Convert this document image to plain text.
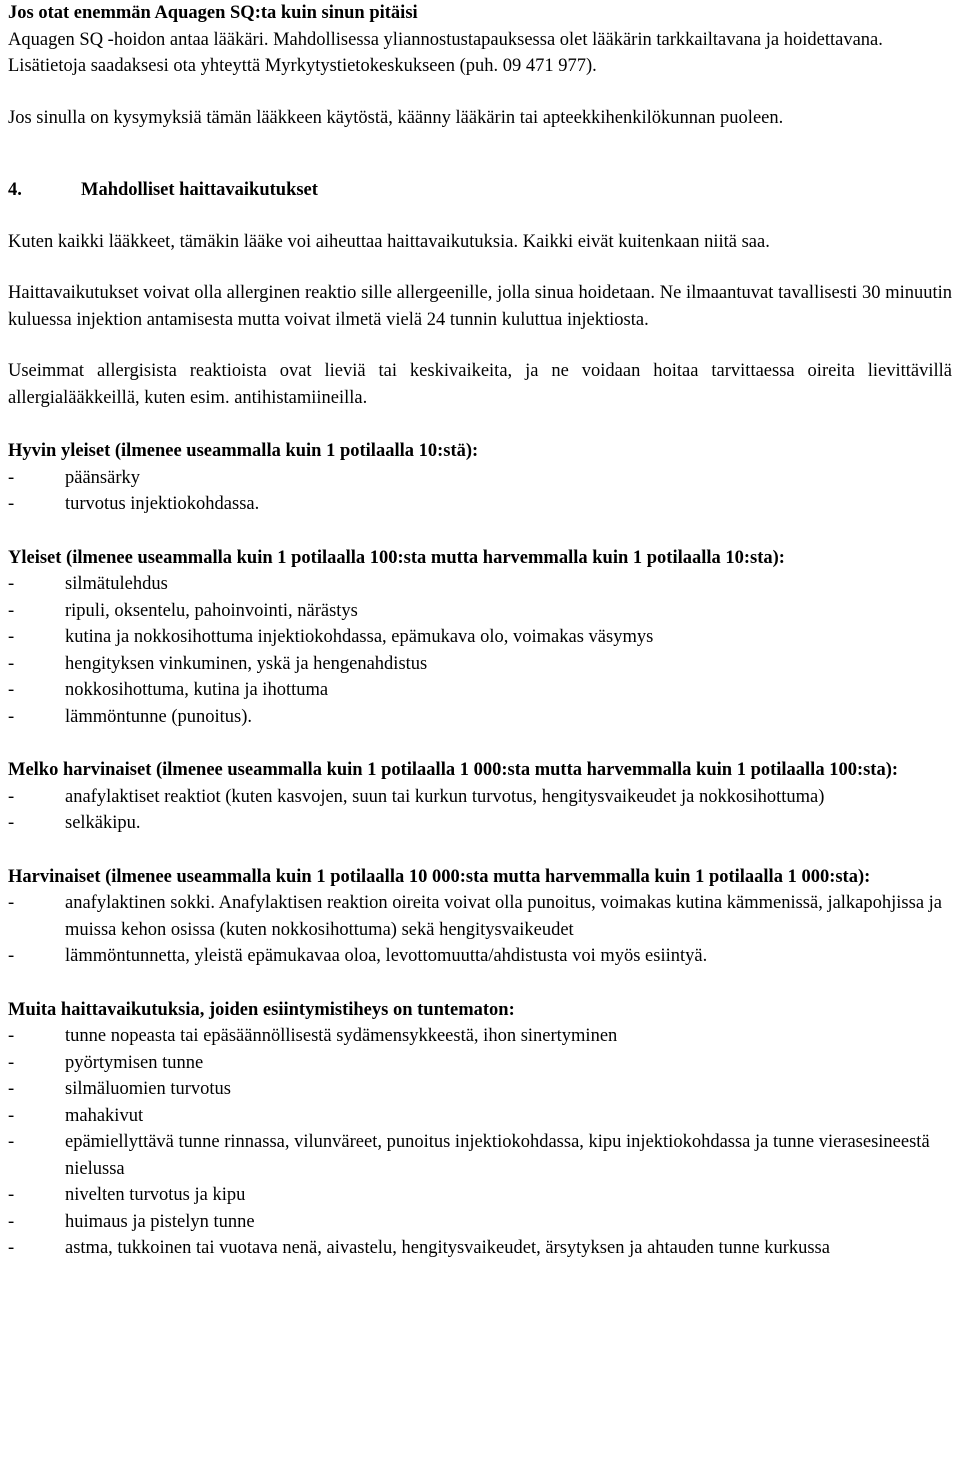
Jos otat enemmän Aquagen SQ:ta kuin sinun pitäisi

Aquagen SQ -hoidon antaa lääkäri. Mahdollisessa yliannostustapauksessa olet lääkärin tarkkailtavana ja hoidettavana. Lisätietoja saadaksesi ota yhteyttä Myrkytystietokeskukseen (puh. 09 471 977).

Jos sinulla on kysymyksiä tämän lääkkeen käytöstä, käänny lääkärin tai apteekkihenkilökunnan puoleen.

4.	Mahdolliset haittavaikutukset

Kuten kaikki lääkkeet, tämäkin lääke voi aiheuttaa haittavaikutuksia. Kaikki eivät kuitenkaan niitä saa.

Haittavaikutukset voivat olla allerginen reaktio sille allergeenille, jolla sinua hoidetaan. Ne ilmaantuvat tavallisesti 30 minuutin kuluessa injektion antamisesta mutta voivat ilmetä vielä 24 tunnin kuluttua injektiosta.

Useimmat allergisista reaktioista ovat lieviä tai keskivaikeita, ja ne voidaan hoitaa tarvittaessa oireita lievittävillä allergialääkkeillä, kuten esim. antihistamiineilla.

Hyvin yleiset (ilmenee useammalla kuin 1 potilaalla 10:stä):

-	päänsärky
-	turvotus injektiokohdassa.

Yleiset (ilmenee useammalla kuin 1 potilaalla 100:sta mutta harvemmalla kuin 1 potilaalla 10:sta):

-	silmätulehdus
-	ripuli, oksentelu, pahoinvointi, närästys
-	kutina ja nokkosihottuma injektiokohdassa, epämukava olo, voimakas väsymys
-	hengityksen vinkuminen, yskä ja hengenahdistus
-	nokkosihottuma, kutina ja ihottuma
-	lämmöntunne (punoitus).

Melko harvinaiset (ilmenee useammalla kuin 1 potilaalla 1 000:sta mutta harvemmalla kuin 1 potilaalla 100:sta):

-	anafylaktiset reaktiot (kuten kasvojen, suun tai kurkun turvotus, hengitysvaikeudet ja nokkosihottuma)
-	selkäkipu.

Harvinaiset (ilmenee useammalla kuin 1 potilaalla 10 000:sta mutta harvemmalla kuin 1 potilaalla 1 000:sta):

-	anafylaktinen sokki. Anafylaktisen reaktion oireita voivat olla punoitus, voimakas kutina kämmenissä, jalkapohjissa ja muissa kehon osissa (kuten nokkosihottuma) sekä hengitysvaikeudet
-	lämmöntunnetta, yleistä epämukavaa oloa, levottomuutta/ahdistusta voi myös esiintyä.

Muita haittavaikutuksia, joiden esiintymistiheys on tuntematon:

-	tunne nopeasta tai epäsäännöllisestä sydämensykkeestä, ihon sinertyminen
-	pyörtymisen tunne
-	silmäluomien turvotus
-	mahakivut
-	epämiellyttävä tunne rinnassa, vilunväreet, punoitus injektiokohdassa, kipu injektiokohdassa ja tunne vierasesineestä nielussa
-	nivelten turvotus ja kipu
-	huimaus ja pistelyn tunne
-	astma, tukkoinen tai vuotava nenä, aivastelu, hengitysvaikeudet, ärsytyksen ja ahtauden tunne kurkussa
